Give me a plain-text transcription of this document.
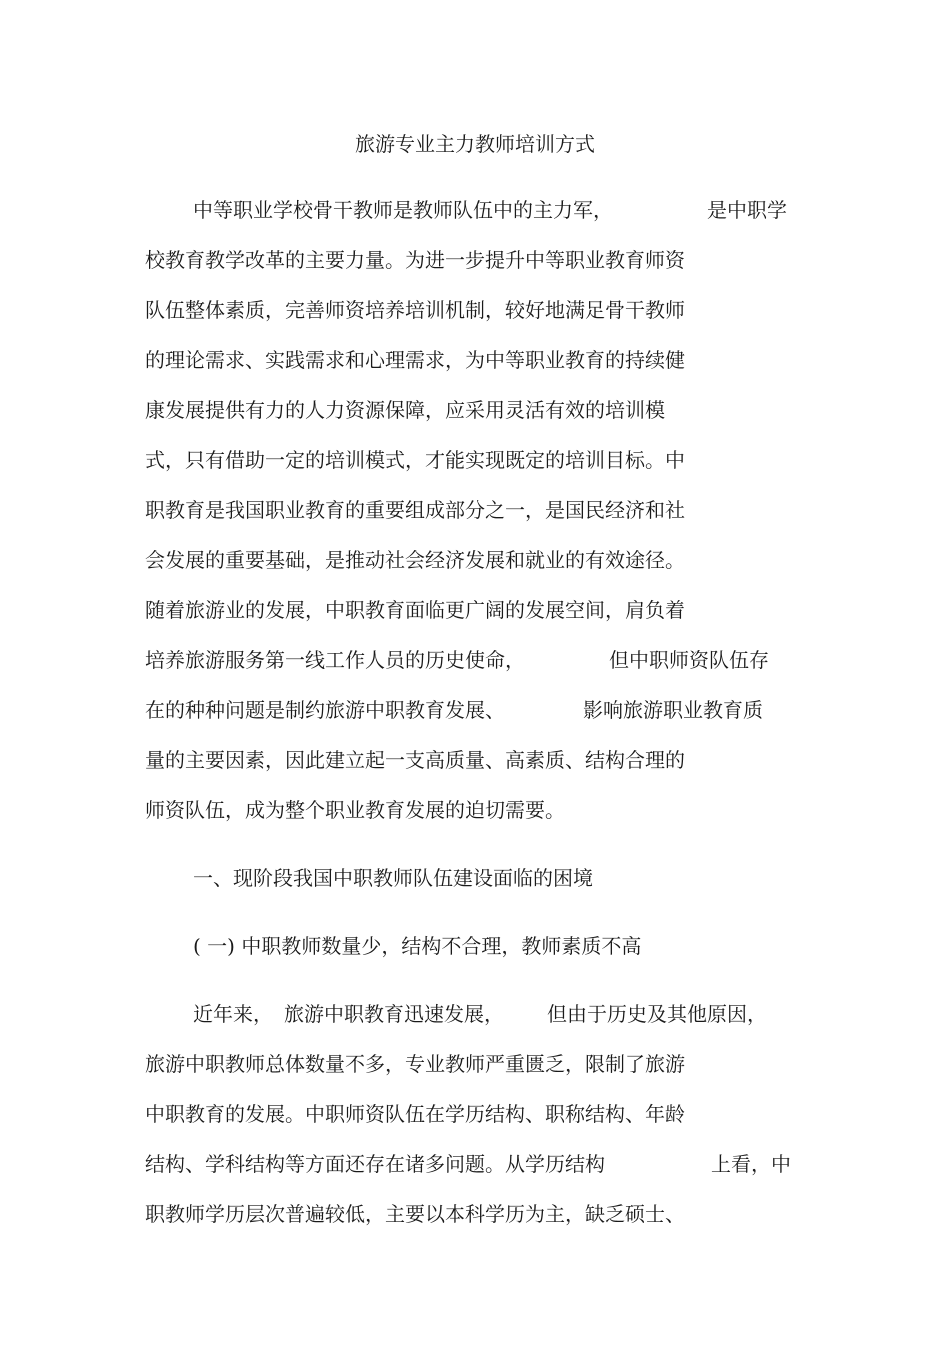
旅游专业主力教师培训方式
中等职业学校骨干教师是教师队伍中的主力军，	是中职学
校教育教学改革的主要力量。为进一步提升中等职业教育师资
队伍整体素质，完善师资培养培训机制，较好地满足骨干教师
的理论需求、实践需求和心理需求，为中等职业教育的持续健
康发展提供有力的人力资源保障，应采用灵活有效的培训模
式，只有借助一定的培训模式，才能实现既定的培训目标。中
职教育是我国职业教育的重要组成部分之一，是国民经济和社
会发展的重要基础，是推动社会经济发展和就业的有效途径。
随着旅游业的发展，中职教育面临更广阔的发展空间，肩负着
培养旅游服务第一线工作人员的历史使命，	但中职师资队伍存
在的种种问题是制约旅游中职教育发展、	影响旅游职业教育质
量的主要因素，因此建立起一支高质量、高素质、结构合理的
师资队伍，成为整个职业教育发展的迫切需要。
一、现阶段我国中职教师队伍建设面临的困境
( 一) 中职教师数量少，结构不合理，教师素质不高
近年来， 旅游中职教育迅速发展， 但由于历史及其他原因，
旅游中职教师总体数量不多，专业教师严重匮乏，限制了旅游
中职教育的发展。中职师资队伍在学历结构、职称结构、年龄
结构、学科结构等方面还存在诸多问题。从学历结构	上看，中
职教师学历层次普遍较低，主要以本科学历为主，缺乏硕士、
